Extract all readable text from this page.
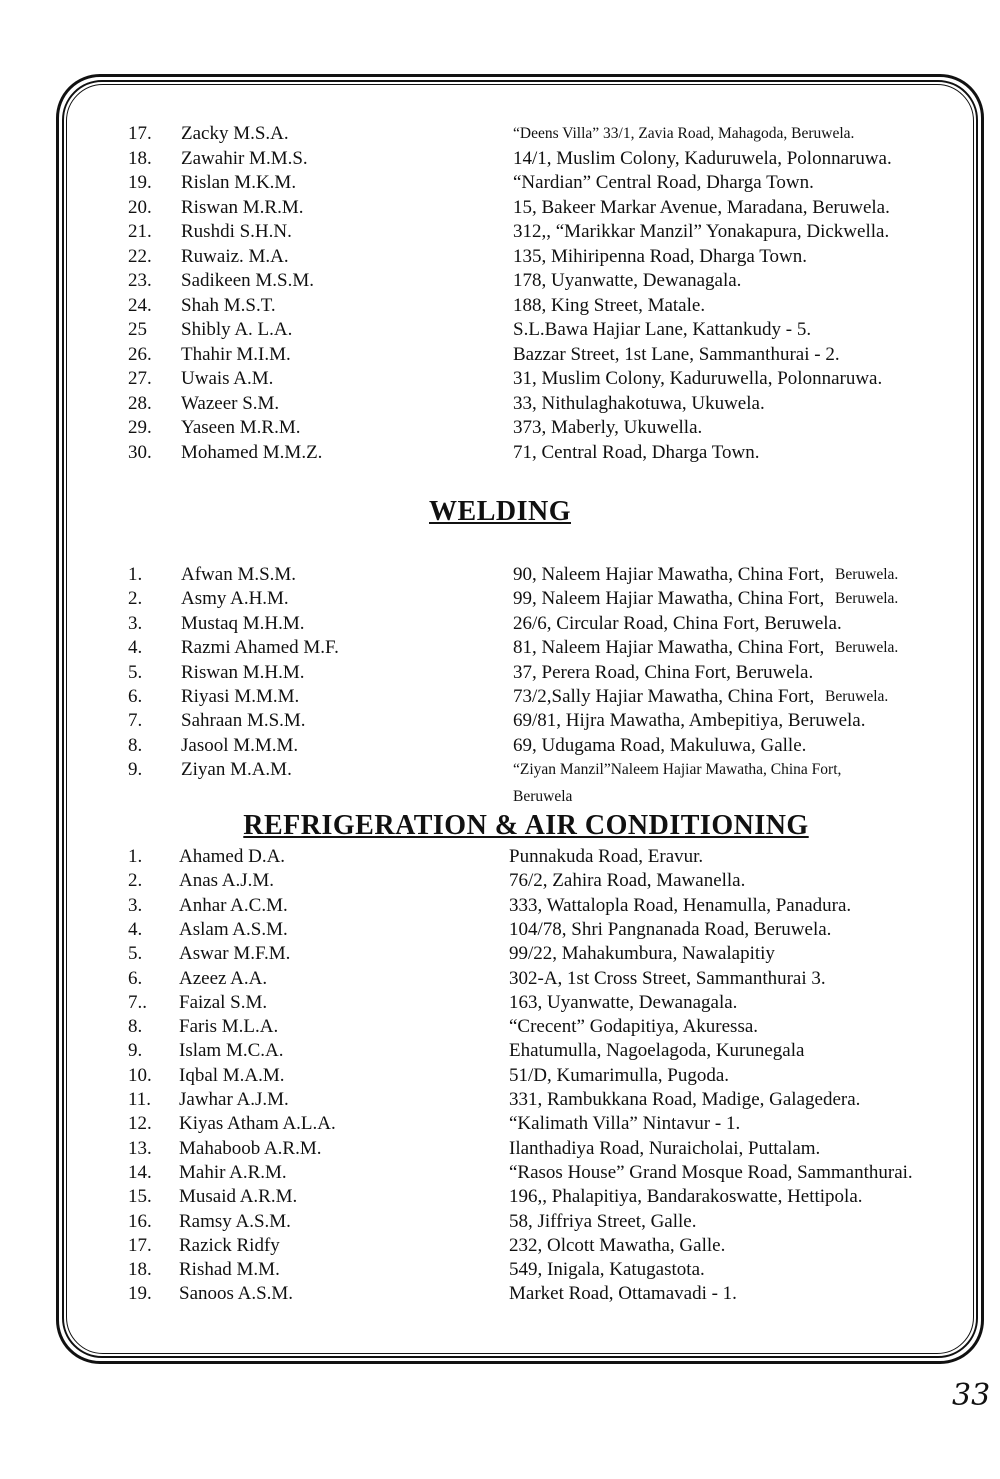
17.	Zacky M.S.A.	“Deens Villa” 33/1, Zavia Road, Mahagoda, Beruwela.
18.	Zawahir M.M.S.	14/1, Muslim Colony, Kaduruwela, Polonnaruwa.
19.	Rislan M.K.M.	“Nardian” Central Road, Dharga Town.
20.	Riswan M.R.M.	15, Bakeer Markar Avenue, Maradana, Beruwela.
21.	Rushdi S.H.N.	312,, “Marikkar Manzil” Yonakapura, Dickwella.
22.	Ruwaiz. M.A.	135, Mihiripenna Road, Dharga Town.
23.	Sadikeen M.S.M.	178, Uyanwatte, Dewanagala.
24.	Shah M.S.T.	188, King Street, Matale.
25	Shibly A. L.A.	S.L.Bawa Hajiar Lane, Kattankudy - 5.
26.	Thahir M.I.M.	Bazzar Street, 1st Lane, Sammanthurai - 2.
27.	Uwais A.M.	31, Muslim Colony, Kaduruwella, Polonnaruwa.
28.	Wazeer S.M.	33, Nithulaghakotuwa, Ukuwela.
29.	Yaseen M.R.M.	373, Maberly, Ukuwella.
30.	Mohamed M.M.Z.	71, Central Road, Dharga Town.
WELDING
1.	Afwan M.S.M.	90, Naleem Hajiar Mawatha, China Fort, Beruwela.
2.	Asmy A.H.M.	99, Naleem Hajiar Mawatha, China Fort, Beruwela.
3.	Mustaq M.H.M.	26/6, Circular Road, China Fort, Beruwela.
4.	Razmi Ahamed M.F.	81, Naleem Hajiar Mawatha, China Fort, Beruwela.
5.	Riswan M.H.M.	37, Perera Road, China Fort, Beruwela.
6.	Riyasi M.M.M.	73/2,Sally Hajiar Mawatha, China Fort, Beruwela.
7.	Sahraan M.S.M.	69/81, Hijra Mawatha, Ambepitiya, Beruwela.
8.	Jasool M.M.M.	69, Udugama Road, Makuluwa, Galle.
9.	Ziyan M.A.M.	“Ziyan Manzil”Naleem Hajiar Mawatha, China Fort,
Beruwela
REFRIGERATION & AIR CONDITIONING
1.	Ahamed D.A.	Punnakuda Road, Eravur.
2.	Anas A.J.M.	76/2, Zahira Road, Mawanella.
3.	Anhar A.C.M.	333, Wattalopla Road, Henamulla, Panadura.
4.	Aslam A.S.M.	104/78, Shri Pangnanada Road, Beruwela.
5.	Aswar M.F.M.	99/22, Mahakumbura, Nawalapitiy
6.	Azeez A.A.	302-A, 1st Cross Street, Sammanthurai 3.
7..	Faizal S.M.	163, Uyanwatte, Dewanagala.
8.	Faris M.L.A.	“Crecent” Godapitiya, Akuressa.
9.	Islam M.C.A.	Ehatumulla, Nagoelagoda, Kurunegala
10.	Iqbal M.A.M.	51/D, Kumarimulla, Pugoda.
11.	Jawhar A.J.M.	331, Rambukkana Road, Madige, Galagedera.
12.	Kiyas Atham A.L.A.	“Kalimath Villa” Nintavur - 1.
13.	Mahaboob A.R.M.	Ilanthadiya Road, Nuraicholai, Puttalam.
14.	Mahir A.R.M.	“Rasos House” Grand Mosque Road, Sammanthurai.
15.	Musaid A.R.M.	196,, Phalapitiya, Bandarakoswatte, Hettipola.
16.	Ramsy A.S.M.	58, Jiffriya Street, Galle.
17.	Razick Ridfy	232, Olcott Mawatha, Galle.
18.	Rishad M.M.	549, Inigala, Katugastota.
19.	Sanoos A.S.M.	Market Road, Ottamavadi - 1.
33
